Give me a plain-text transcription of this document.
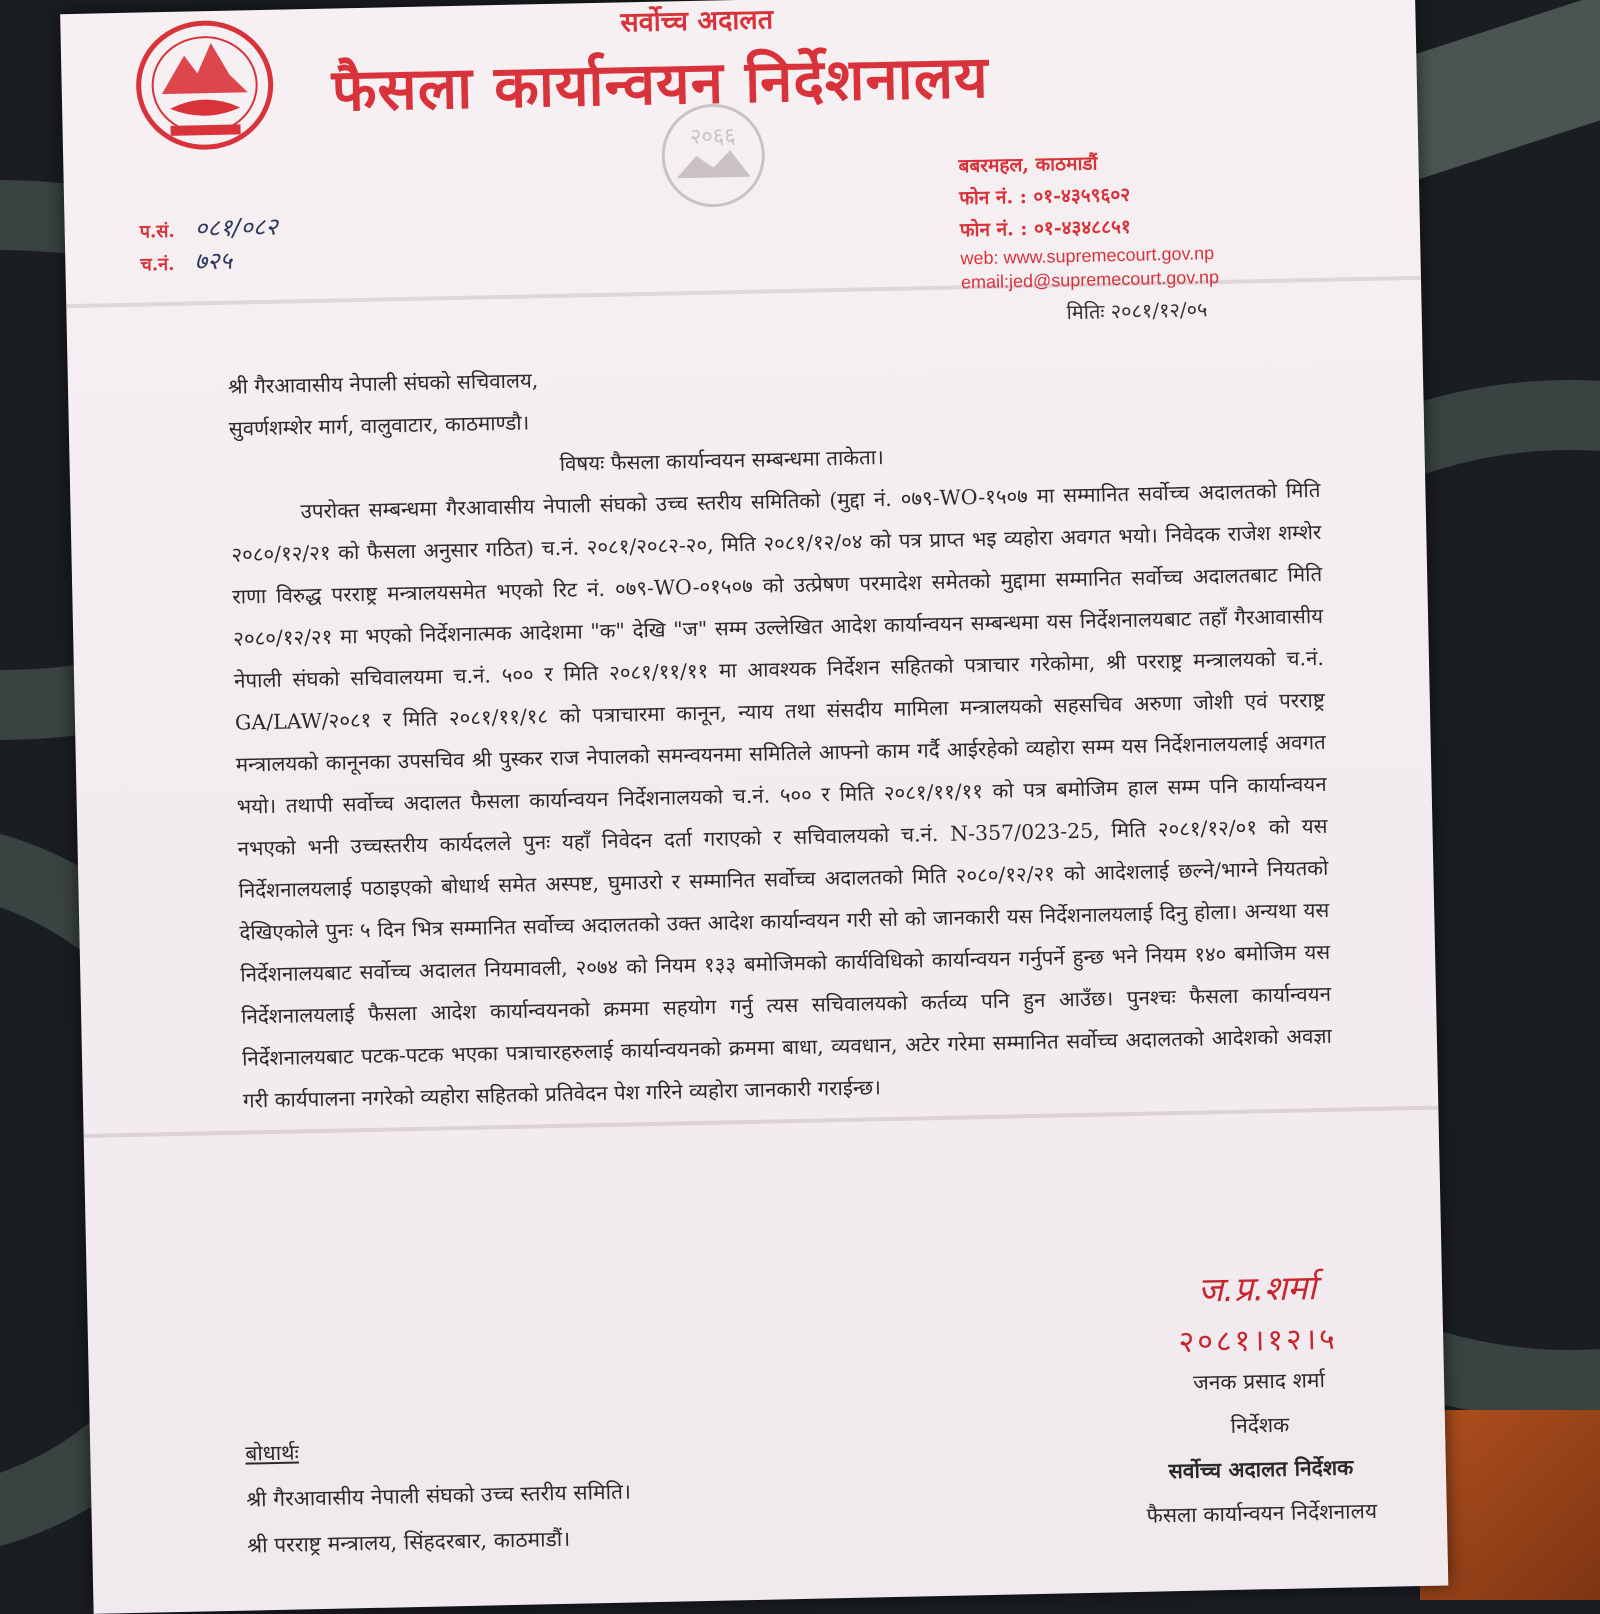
२०६६
सर्वोच्च अदालत
फैसला कार्यान्वयन निर्देशनालय
प.सं. ०८१/०८२
च.नं. ७२५
बबरमहल, काठमाडौं
फोन नं. : ०१-४३५९६०२
फोन नं. : ०१-४३४८८५१
web: www.supremecourt.gov.np
email:jed@supremecourt.gov.np
मितिः २०८१/१२/०५
श्री गैरआवासीय नेपाली संघको सचिवालय,
सुवर्णशम्शेर मार्ग, वालुवाटार, काठमाण्डौ।
विषयः फैसला कार्यान्वयन सम्बन्धमा ताकेता।

उपरोक्त सम्बन्धमा गैरआवासीय नेपाली संघको उच्च स्तरीय समितिको (मुद्दा नं. ०७९-WO-१५०७ मा सम्मानित सर्वोच्च अदालतको मिति २०८०/१२/२१ को फैसला अनुसार गठित) च.नं. २०८१/२०८२-२०, मिति २०८१/१२/०४ को पत्र प्राप्त भइ व्यहोरा अवगत भयो। निवेदक राजेश शम्शेर राणा विरुद्ध परराष्ट्र मन्त्रालयसमेत भएको रिट नं. ०७९-WO-०१५०७ को उत्प्रेषण परमादेश समेतको मुद्दामा सम्मानित सर्वोच्च अदालतबाट मिति २०८०/१२/२१ मा भएको निर्देशनात्मक आदेशमा "क" देखि "ज" सम्म उल्लेखित आदेश कार्यान्वयन सम्बन्धमा यस निर्देशनालयबाट तहाँ गैरआवासीय नेपाली संघको सचिवालयमा च.नं. ५०० र मिति २०८१/११/११ मा आवश्यक निर्देशन सहितको पत्राचार गरेकोमा, श्री परराष्ट्र मन्त्रालयको च.नं. GA/LAW/२०८१ र मिति २०८१/११/१८ को पत्राचारमा कानून, न्याय तथा संसदीय मामिला मन्त्रालयको सहसचिव अरुणा जोशी एवं परराष्ट्र मन्त्रालयको कानूनका उपसचिव श्री पुस्कर राज नेपालको समन्वयनमा समितिले आफ्नो काम गर्दै आईरहेको व्यहोरा सम्म यस निर्देशनालयलाई अवगत भयो। तथापी सर्वोच्च अदालत फैसला कार्यान्वयन निर्देशनालयको च.नं. ५०० र मिति २०८१/११/११ को पत्र बमोजिम हाल सम्म पनि कार्यान्वयन नभएको भनी उच्चस्तरीय कार्यदलले पुनः यहाँ निवेदन दर्ता गराएको र सचिवालयको च.नं. N-357/023-25, मिति २०८१/१२/०१ को यस निर्देशनालयलाई पठाइएको बोधार्थ समेत अस्पष्ट, घुमाउरो र सम्मानित सर्वोच्च अदालतको मिति २०८०/१२/२१ को आदेशलाई छल्ने/भाग्ने नियतको देखिएकोले पुनः ५ दिन भित्र सम्मानित सर्वोच्च अदालतको उक्त आदेश कार्यान्वयन गरी सो को जानकारी यस निर्देशनालयलाई दिनु होला। अन्यथा यस निर्देशनालयबाट सर्वोच्च अदालत नियमावली, २०७४ को नियम १३३ बमोजिमको कार्यविधिको कार्यान्वयन गर्नुपर्ने हुन्छ भने नियम १४० बमोजिम यस निर्देशनालयलाई फैसला आदेश कार्यान्वयनको क्रममा सहयोग गर्नु त्यस सचिवालयको कर्तव्य पनि हुन आउँछ। पुनश्चः फैसला कार्यान्वयन निर्देशनालयबाट पटक-पटक भएका पत्राचारहरुलाई कार्यान्वयनको क्रममा बाधा, व्यवधान, अटेर गरेमा सम्मानित सर्वोच्च अदालतको आदेशको अवज्ञा गरी कार्यपालना नगरेको व्यहोरा सहितको प्रतिवेदन पेश गरिने व्यहोरा जानकारी गराईन्छ।

ज.प्र.शर्मा
२०८१।१२।५
जनक प्रसाद शर्मा
निर्देशक
सर्वोच्च अदालत निर्देशक
फैसला कार्यान्वयन निर्देशनालय
बोधार्थः
श्री गैरआवासीय नेपाली संघको उच्च स्तरीय समिति।
श्री परराष्ट्र मन्त्रालय, सिंहदरबार, काठमाडौं।
